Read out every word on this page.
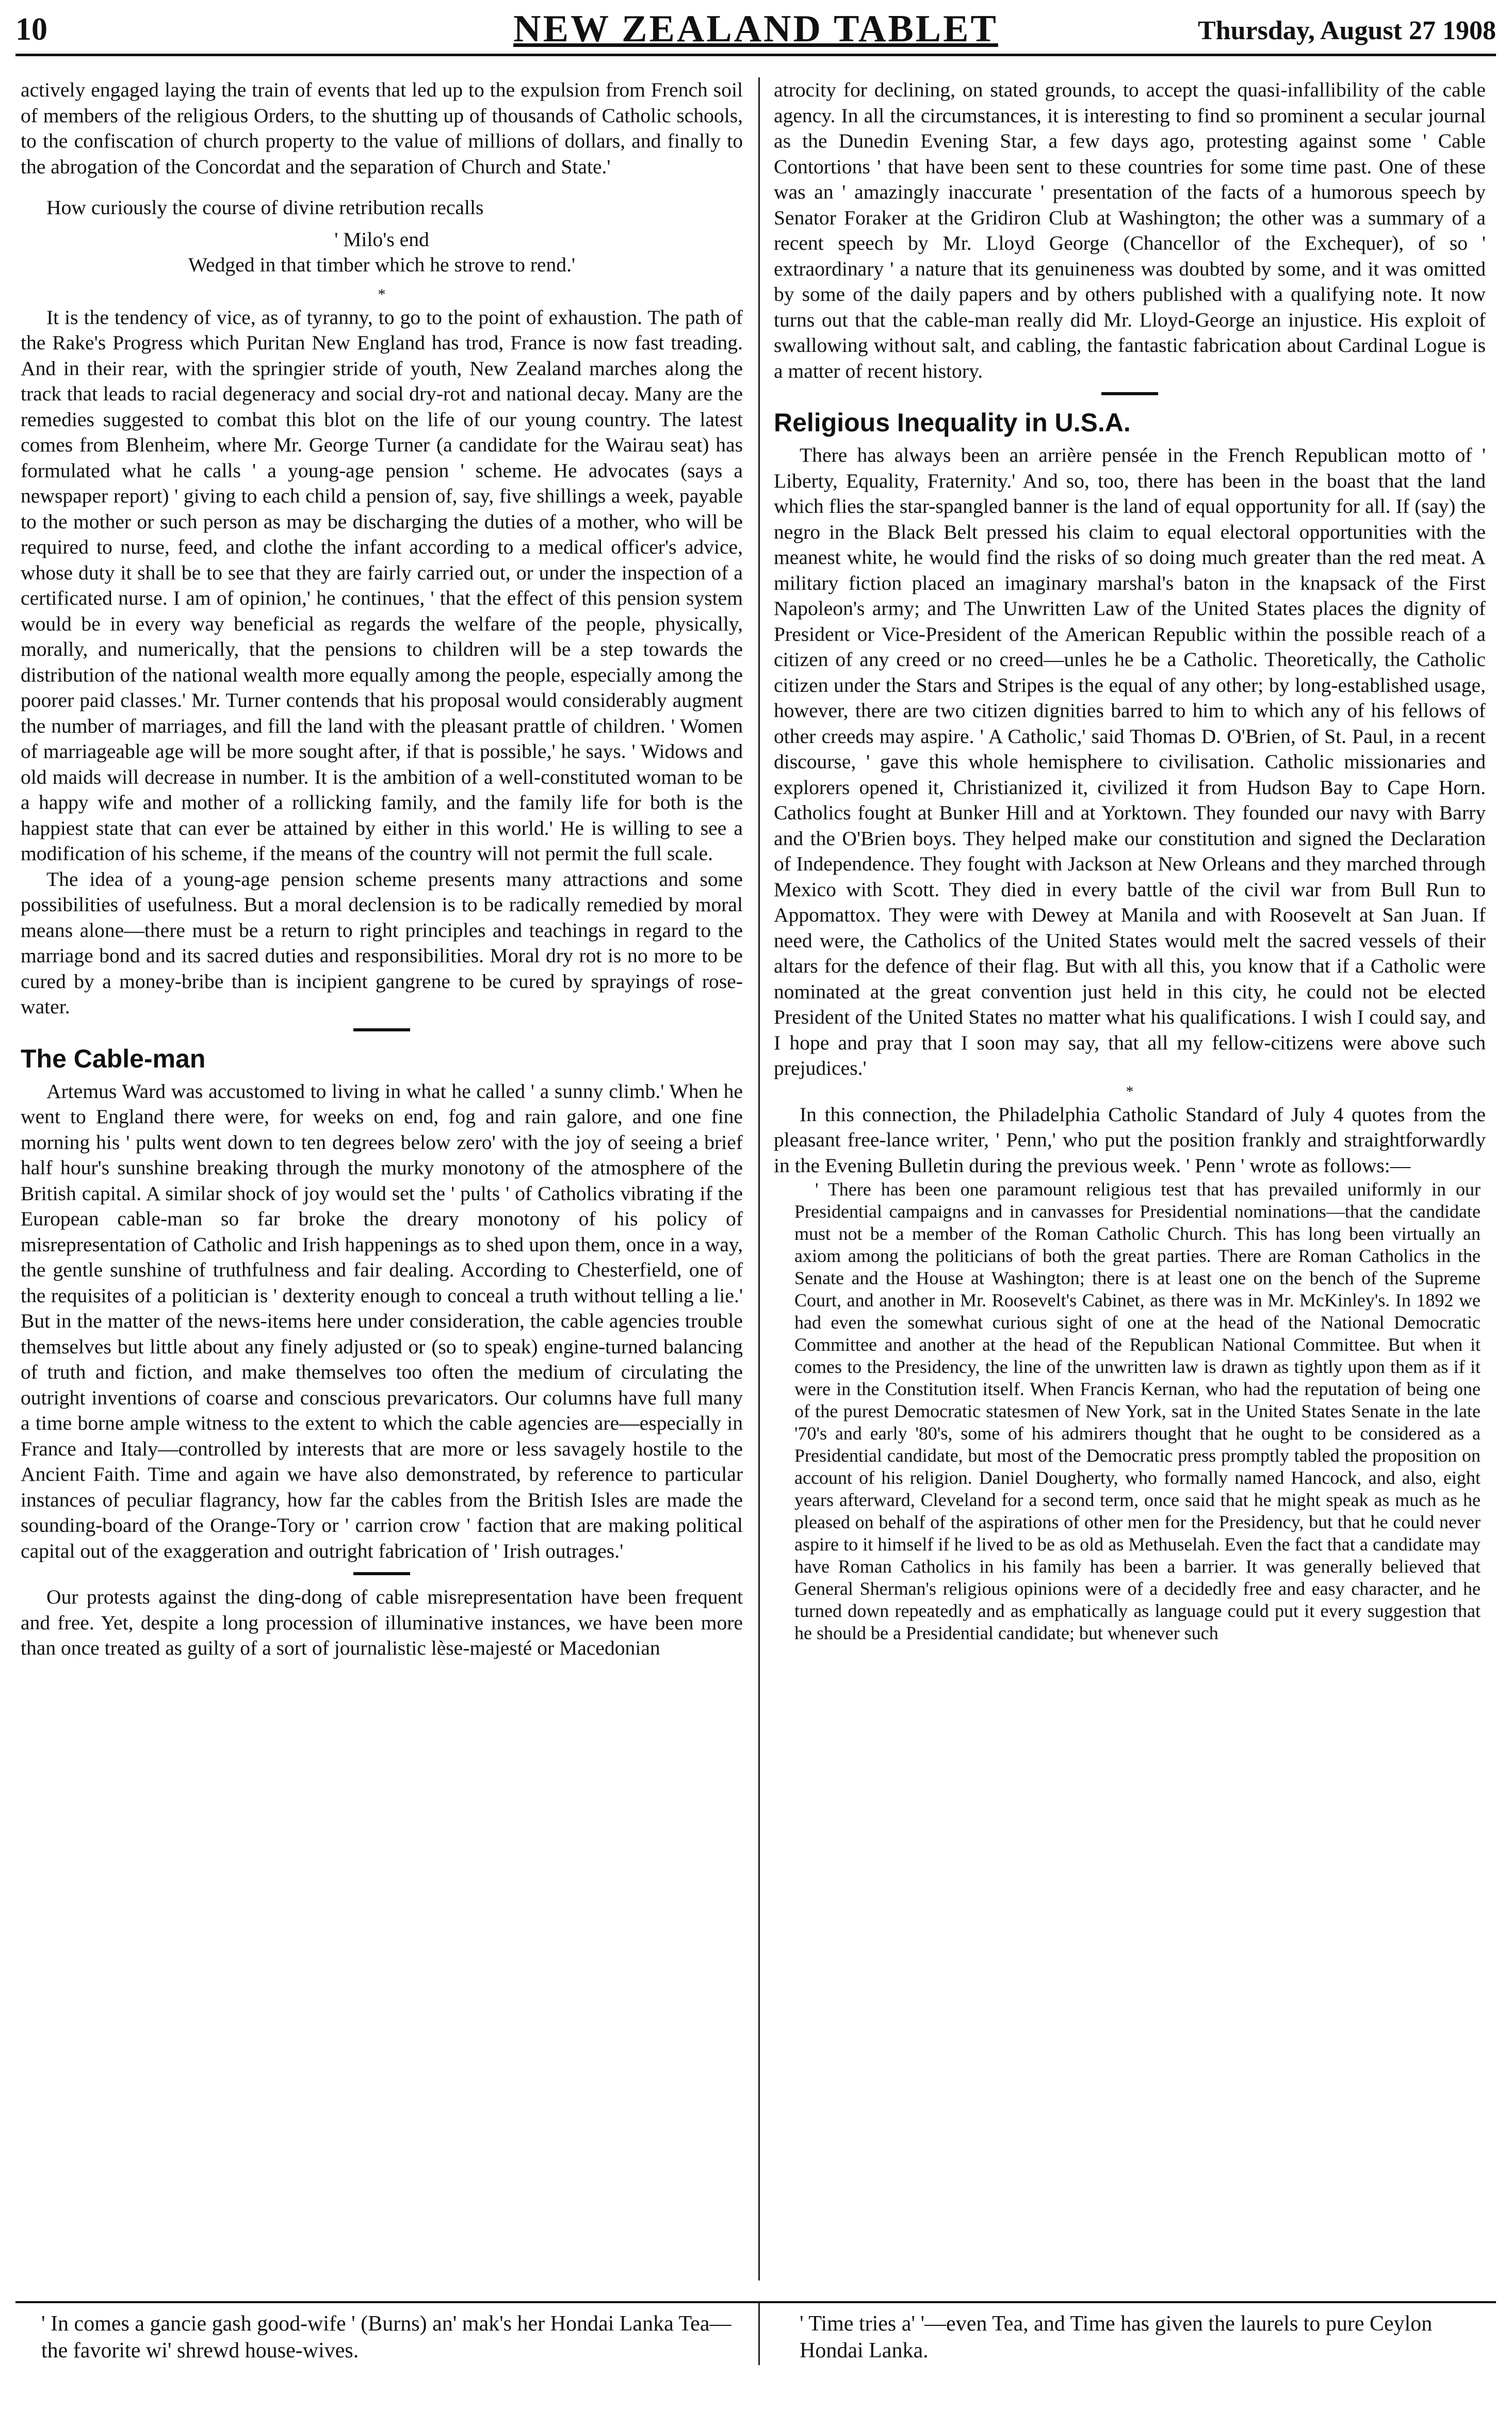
10	NEW ZEALAND TABLET	Thursday, August 27 1908

actively engaged laying the train of events that led up to the expulsion from French soil of members of the religious Orders, to the shutting up of thousands of Catholic schools, to the confiscation of church property to the value of millions of dollars, and finally to the abrogation of the Concordat and the separation of Church and State.'

How curiously the course of divine retribution recalls

' Milo's end
Wedged in that timber which he strove to rend.'
*

It is the tendency of vice, as of tyranny, to go to the point of exhaustion. The path of the Rake's Progress which Puritan New England has trod, France is now fast treading. And in their rear, with the springier stride of youth, New Zealand marches along the track that leads to racial degeneracy and social dry-rot and national decay. Many are the remedies suggested to combat this blot on the life of our young country. The latest comes from Blenheim, where Mr. George Turner (a candidate for the Wairau seat) has formulated what he calls ' a young-age pension ' scheme. He advocates (says a newspaper report) ' giving to each child a pension of, say, five shillings a week, payable to the mother or such person as may be discharging the duties of a mother, who will be required to nurse, feed, and clothe the infant according to a medical officer's advice, whose duty it shall be to see that they are fairly carried out, or under the inspection of a certificated nurse. I am of opinion,' he continues, ' that the effect of this pension system would be in every way beneficial as regards the welfare of the people, physically, morally, and numerically, that the pensions to children will be a step towards the distribution of the national wealth more equally among the people, especially among the poorer paid classes.' Mr. Turner contends that his proposal would considerably augment the number of marriages, and fill the land with the pleasant prattle of children. ' Women of marriageable age will be more sought after, if that is possible,' he says. ' Widows and old maids will decrease in number. It is the ambition of a well-constituted woman to be a happy wife and mother of a rollicking family, and the family life for both is the happiest state that can ever be attained by either in this world.' He is willing to see a modification of his scheme, if the means of the country will not permit the full scale.

The idea of a young-age pension scheme presents many attractions and some possibilities of usefulness. But a moral declension is to be radically remedied by moral means alone—there must be a return to right principles and teachings in regard to the marriage bond and its sacred duties and responsibilities. Moral dry rot is no more to be cured by a money-bribe than is incipient gangrene to be cured by sprayings of rose-water.

The Cable-man

Artemus Ward was accustomed to living in what he called ' a sunny climb.' When he went to England there were, for weeks on end, fog and rain galore, and one fine morning his ' pults went down to ten degrees below zero' with the joy of seeing a brief half hour's sunshine breaking through the murky monotony of the atmosphere of the British capital. A similar shock of joy would set the ' pults ' of Catholics vibrating if the European cable-man so far broke the dreary monotony of his policy of misrepresentation of Catholic and Irish happenings as to shed upon them, once in a way, the gentle sunshine of truthfulness and fair dealing. According to Chesterfield, one of the requisites of a politician is ' dexterity enough to conceal a truth without telling a lie.' But in the matter of the news-items here under consideration, the cable agencies trouble themselves but little about any finely adjusted or (so to speak) engine-turned balancing of truth and fiction, and make themselves too often the medium of circulating the outright inventions of coarse and conscious prevaricators. Our columns have full many a time borne ample witness to the extent to which the cable agencies are—especially in France and Italy—controlled by interests that are more or less savagely hostile to the Ancient Faith. Time and again we have also demonstrated, by reference to particular instances of peculiar flagrancy, how far the cables from the British Isles are made the sounding-board of the Orange-Tory or ' carrion crow ' faction that are making political capital out of the exaggeration and outright fabrication of ' Irish outrages.'

Our protests against the ding-dong of cable misrepresentation have been frequent and free. Yet, despite a long procession of illuminative instances, we have been more than once treated as guilty of a sort of journalistic lèse-majesté or Macedonian

atrocity for declining, on stated grounds, to accept the quasi-infallibility of the cable agency. In all the circumstances, it is interesting to find so prominent a secular journal as the Dunedin Evening Star, a few days ago, protesting against some ' Cable Contortions ' that have been sent to these countries for some time past. One of these was an ' amazingly inaccurate ' presentation of the facts of a humorous speech by Senator Foraker at the Gridiron Club at Washington; the other was a summary of a recent speech by Mr. Lloyd George (Chancellor of the Exchequer), of so ' extraordinary ' a nature that its genuineness was doubted by some, and it was omitted by some of the daily papers and by others published with a qualifying note. It now turns out that the cable-man really did Mr. Lloyd-George an injustice. His exploit of swallowing without salt, and cabling, the fantastic fabrication about Cardinal Logue is a matter of recent history.

Religious Inequality in U.S.A.

There has always been an arrière pensée in the French Republican motto of ' Liberty, Equality, Fraternity.' And so, too, there has been in the boast that the land which flies the star-spangled banner is the land of equal opportunity for all. If (say) the negro in the Black Belt pressed his claim to equal electoral opportunities with the meanest white, he would find the risks of so doing much greater than the red meat. A military fiction placed an imaginary marshal's baton in the knapsack of the First Napoleon's army; and The Unwritten Law of the United States places the dignity of President or Vice-President of the American Republic within the possible reach of a citizen of any creed or no creed—unles he be a Catholic. Theoretically, the Catholic citizen under the Stars and Stripes is the equal of any other; by long-established usage, however, there are two citizen dignities barred to him to which any of his fellows of other creeds may aspire. ' A Catholic,' said Thomas D. O'Brien, of St. Paul, in a recent discourse, ' gave this whole hemisphere to civilisation. Catholic missionaries and explorers opened it, Christianized it, civilized it from Hudson Bay to Cape Horn. Catholics fought at Bunker Hill and at Yorktown. They founded our navy with Barry and the O'Brien boys. They helped make our constitution and signed the Declaration of Independence. They fought with Jackson at New Orleans and they marched through Mexico with Scott. They died in every battle of the civil war from Bull Run to Appomattox. They were with Dewey at Manila and with Roosevelt at San Juan. If need were, the Catholics of the United States would melt the sacred vessels of their altars for the defence of their flag. But with all this, you know that if a Catholic were nominated at the great convention just held in this city, he could not be elected President of the United States no matter what his qualifications. I wish I could say, and I hope and pray that I soon may say, that all my fellow-citizens were above such prejudices.'

*

In this connection, the Philadelphia Catholic Standard of July 4 quotes from the pleasant free-lance writer, ' Penn,' who put the position frankly and straightforwardly in the Evening Bulletin during the previous week. ' Penn ' wrote as follows:—

' There has been one paramount religious test that has prevailed uniformly in our Presidential campaigns and in canvasses for Presidential nominations—that the candidate must not be a member of the Roman Catholic Church. This has long been virtually an axiom among the politicians of both the great parties. There are Roman Catholics in the Senate and the House at Washington; there is at least one on the bench of the Supreme Court, and another in Mr. Roosevelt's Cabinet, as there was in Mr. McKinley's. In 1892 we had even the somewhat curious sight of one at the head of the National Democratic Committee and another at the head of the Republican National Committee. But when it comes to the Presidency, the line of the unwritten law is drawn as tightly upon them as if it were in the Constitution itself. When Francis Kernan, who had the reputation of being one of the purest Democratic statesmen of New York, sat in the United States Senate in the late '70's and early '80's, some of his admirers thought that he ought to be considered as a Presidential candidate, but most of the Democratic press promptly tabled the proposition on account of his religion. Daniel Dougherty, who formally named Hancock, and also, eight years afterward, Cleveland for a second term, once said that he might speak as much as he pleased on behalf of the aspirations of other men for the Presidency, but that he could never aspire to it himself if he lived to be as old as Methuselah. Even the fact that a candidate may have Roman Catholics in his family has been a barrier. It was generally believed that General Sherman's religious opinions were of a decidedly free and easy character, and he turned down repeatedly and as emphatically as language could put it every suggestion that he should be a Presidential candidate; but whenever such

' In comes a gancie gash good-wife ' (Burns) an' mak's her Hondai Lanka Tea—the favorite wi' shrewd house-wives.
' Time tries a' '—even Tea, and Time has given the laurels to pure Ceylon Hondai Lanka.
